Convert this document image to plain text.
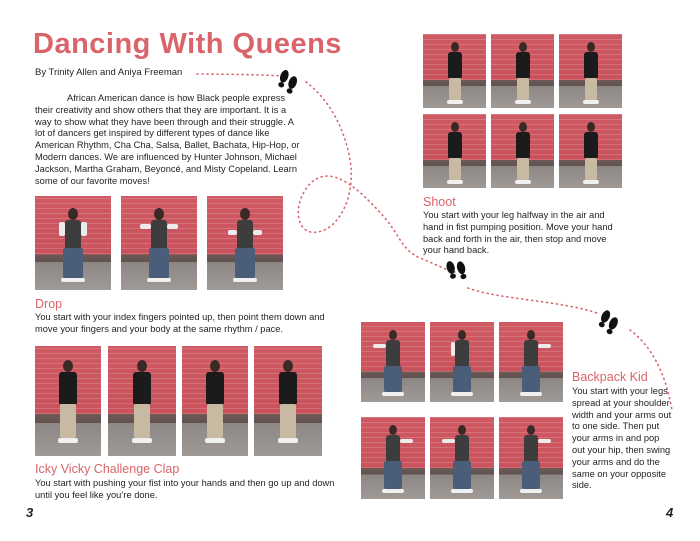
Dancing With Queens
By Trinity Allen and Aniya Freeman
African American dance is how Black people express their creativity and show others that they are important. It is a way to show what they have been through and their struggle. A lot of dancers get inspired by different types of dance like American Rhythm, Cha Cha, Salsa, Ballet, Bachata, Hip-Hop, or Modern dances. We are influenced by Hunter Johnson, Michael Jackson, Martha Graham, Beyoncé, and Misty Copeland. Learn some of our favorite moves!
Drop
You start with your index fingers pointed up, then point them down and move your fingers and your body at the same rhythm / pace.
Icky Vicky Challenge Clap
You start with pushing your fist into your hands and then go up and down until you feel like you’re done.
3
Shoot
You start with your leg halfway in the air and hand in fist pumping position. Move your hand back and forth in the air, then stop and move your hand back.
Backpack Kid
You start with your legs spread at your shoulder width and your arms out to one side. Then put your arms in and pop out your hip, then swing your arms and do the same on your opposite side.
4
